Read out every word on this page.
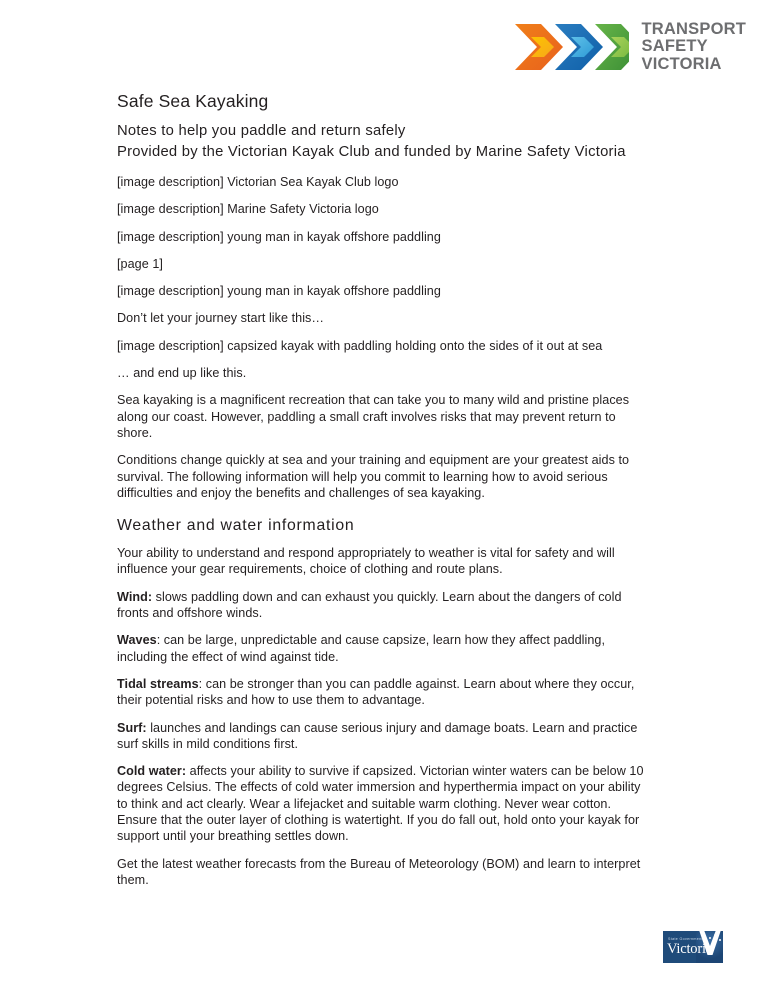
TRANSPORT
SAFETY
VICTORIA
Safe Sea Kayaking
Notes to help you paddle and return safely
Provided by the Victorian Kayak Club and funded by Marine Safety Victoria

[image description] Victorian Sea Kayak Club logo

[image description] Marine Safety Victoria logo

[image description] young man in kayak offshore paddling

[page 1]

[image description] young man in kayak offshore paddling

Don’t let your journey start like this…

[image description] capsized kayak with paddling holding onto the sides of it out at sea

… and end up like this.

Sea kayaking is a magnificent recreation that can take you to many wild and pristine places along our coast. However, paddling a small craft involves risks that may prevent return to shore.

Conditions change quickly at sea and your training and equipment are your greatest aids to survival. The following information will help you commit to learning how to avoid serious difficulties and enjoy the benefits and challenges of sea kayaking.

Weather and water information

Your ability to understand and respond appropriately to weather is vital for safety and will influence your gear requirements, choice of clothing and route plans.

Wind: slows paddling down and can exhaust you quickly. Learn about the dangers of cold fronts and offshore winds.

Waves: can be large, unpredictable and cause capsize, learn how they affect paddling, including the effect of wind against tide.

Tidal streams: can be stronger than you can paddle against. Learn about where they occur, their potential risks and how to use them to advantage.

Surf: launches and landings can cause serious injury and damage boats. Learn and practice surf skills in mild conditions first.

Cold water: affects your ability to survive if capsized. Victorian winter waters can be below 10 degrees Celsius. The effects of cold water immersion and hyperthermia impact on your ability to think and act clearly. Wear a lifejacket and suitable warm clothing. Never wear cotton. Ensure that the outer layer of clothing is watertight. If you do fall out, hold onto your kayak for support until your breathing settles down.

Get the latest weather forecasts from the Bureau of Meteorology (BOM) and learn to interpret them.

State Government
Victoria
